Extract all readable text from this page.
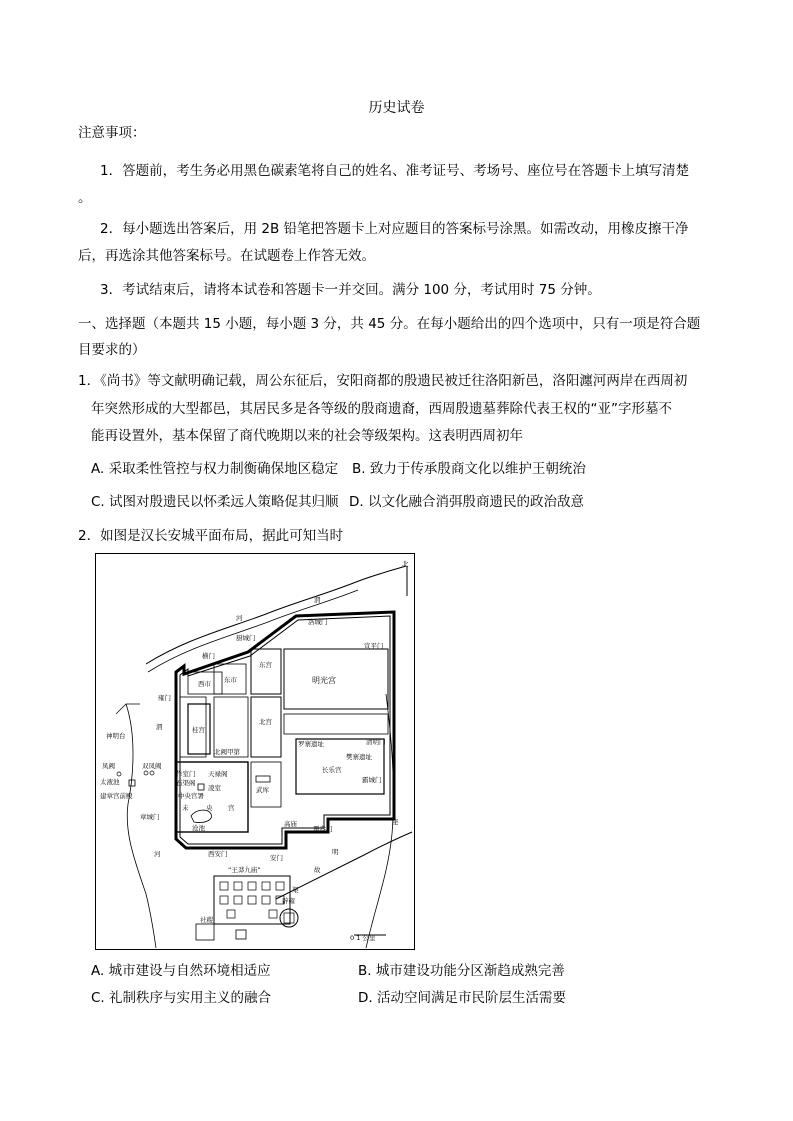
历史试卷
注意事项：
1．答题前，考生务必用黑色碳素笔将自己的姓名、准考证号、考场号、座位号在答题卡上填写清楚
。
2．每小题选出答案后，用 2B 铅笔把答题卡上对应题目的答案标号涂黑。如需改动，用橡皮擦干净
后，再选涂其他答案标号。在试题卷上作答无效。
3．考试结束后，请将本试卷和答题卡一并交回。满分 100 分，考试用时 75 分钟。
一、选择题（本题共 15 小题，每小题 3 分，共 45 分。在每小题给出的四个选项中，只有一项是符合题
目要求的）
1．《尚书》等文献明确记载，周公东征后，安阳商都的殷遗民被迁往洛阳新邑，洛阳瀍河两岸在西周初
年突然形成的大型都邑，其居民多是各等级的殷商遗裔，西周殷遗墓葬除代表王权的“亚”字形墓不
能再设置外，基本保留了商代晚期以来的社会等级架构。这表明西周初年
A. 采取柔性管控与权力制衡确保地区稳定 B. 致力于传承殷商文化以维护王朝统治
C. 试图对殷遗民以怀柔远人策略促其归顺 D. 以文化融合消弭殷商遗民的政治敌意
2．如图是汉长安城平面布局，据此可知当时
北
0 1 公里
渭
河
厨城门
洛城门
横门
宣平门
雍门
清明门
霸城门
章城门
覆盎门
西安门	安门
西市 东市
东宫
明光宫
桂宫
北宫
北阙甲第
罗寨遗址
樊寨遗址
长乐宫
作室门 天禄阁
石渠阁
中央官署
凌室
未	央 宫
武库
高庙
沧池
建章宫前殿
太液池
神明台
凤阙	双凤阙
“王莽九庙”
社稷
辟雍
明
故
渠
泌
河
渭
A. 城市建设与自然环境相适应	B. 城市建设功能分区渐趋成熟完善
C. 礼制秩序与实用主义的融合	D. 活动空间满足市民阶层生活需要
